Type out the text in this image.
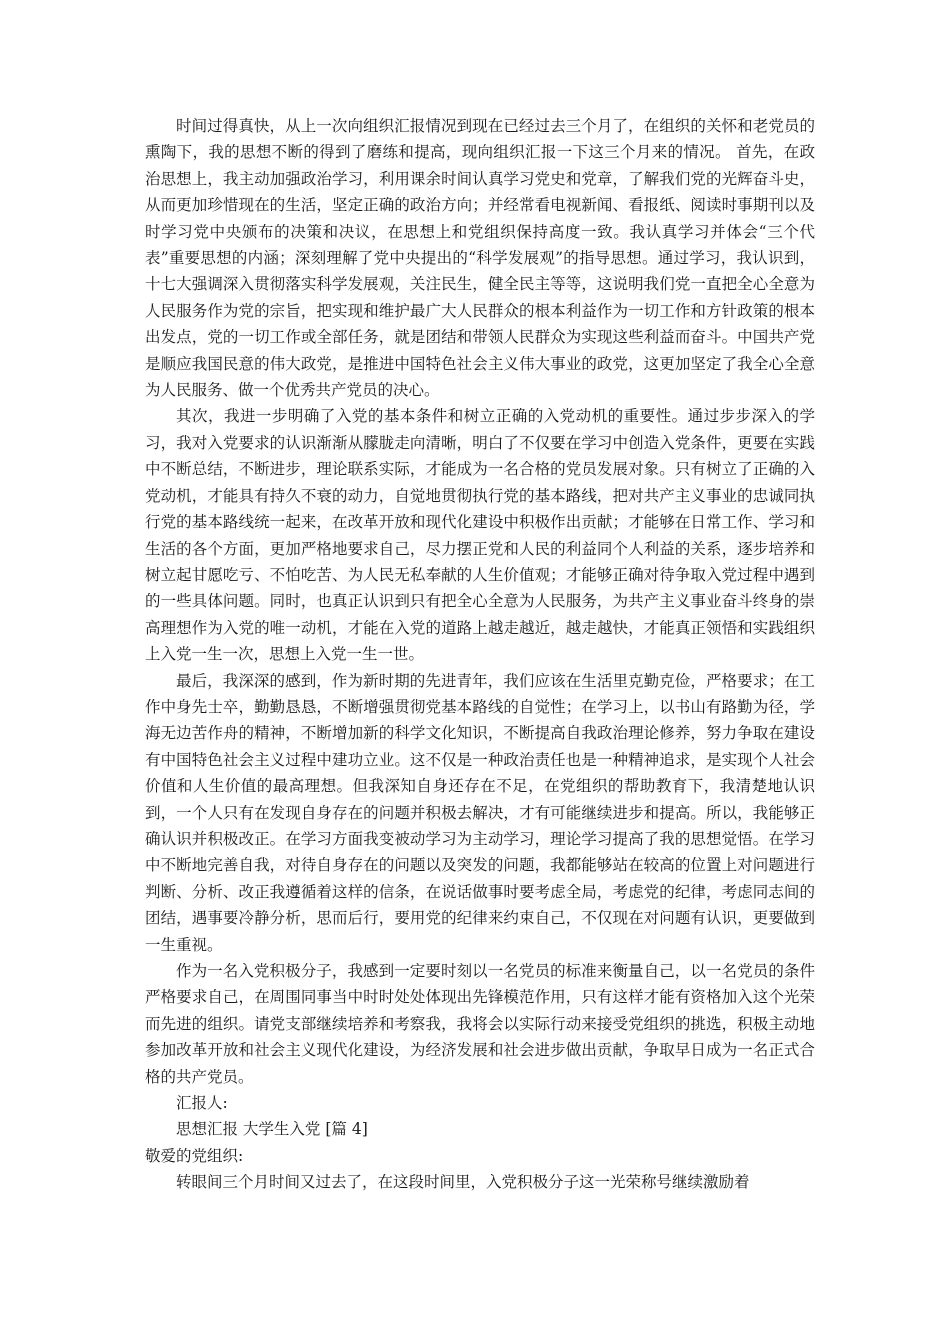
时间过得真快，从上一次向组织汇报情况到现在已经过去三个月了，在组织的关怀和老党员的熏陶下，我的思想不断的得到了磨练和提高，现向组织汇报一下这三个月来的情况。 首先，在政治思想上，我主动加强政治学习，利用课余时间认真学习党史和党章，了解我们党的光辉奋斗史，从而更加珍惜现在的生活，坚定正确的政治方向；并经常看电视新闻、看报纸、阅读时事期刊以及时学习党中央颁布的决策和决议，在思想上和党组织保持高度一致。我认真学习并体会“三个代表”重要思想的内涵；深刻理解了党中央提出的“科学发展观”的指导思想。通过学习，我认识到，十七大强调深入贯彻落实科学发展观，关注民生，健全民主等等，这说明我们党一直把全心全意为人民服务作为党的宗旨，把实现和维护最广大人民群众的根本利益作为一切工作和方针政策的根本出发点，党的一切工作或全部任务，就是团结和带领人民群众为实现这些利益而奋斗。中国共产党是顺应我国民意的伟大政党，是推进中国特色社会主义伟大事业的政党，这更加坚定了我全心全意为人民服务、做一个优秀共产党员的决心。

其次，我进一步明确了入党的基本条件和树立正确的入党动机的重要性。通过步步深入的学习，我对入党要求的认识渐渐从朦胧走向清晰，明白了不仅要在学习中创造入党条件，更要在实践中不断总结，不断进步，理论联系实际，才能成为一名合格的党员发展对象。只有树立了正确的入党动机，才能具有持久不衰的动力，自觉地贯彻执行党的基本路线，把对共产主义事业的忠诚同执行党的基本路线统一起来，在改革开放和现代化建设中积极作出贡献；才能够在日常工作、学习和生活的各个方面，更加严格地要求自己，尽力摆正党和人民的利益同个人利益的关系，逐步培养和树立起甘愿吃亏、不怕吃苦、为人民无私奉献的人生价值观；才能够正确对待争取入党过程中遇到的一些具体问题。同时，也真正认识到只有把全心全意为人民服务，为共产主义事业奋斗终身的崇高理想作为入党的唯一动机，才能在入党的道路上越走越近，越走越快，才能真正领悟和实践组织上入党一生一次，思想上入党一生一世。

最后，我深深的感到，作为新时期的先进青年，我们应该在生活里克勤克俭，严格要求；在工作中身先士卒，勤勤恳恳，不断增强贯彻党基本路线的自觉性；在学习上，以书山有路勤为径，学海无边苦作舟的精神，不断增加新的科学文化知识，不断提高自我政治理论修养，努力争取在建设有中国特色社会主义过程中建功立业。这不仅是一种政治责任也是一种精神追求，是实现个人社会价值和人生价值的最高理想。但我深知自身还存在不足，在党组织的帮助教育下，我清楚地认识到，一个人只有在发现自身存在的问题并积极去解决，才有可能继续进步和提高。所以，我能够正确认识并积极改正。在学习方面我变被动学习为主动学习，理论学习提高了我的思想觉悟。在学习中不断地完善自我，对待自身存在的问题以及突发的问题，我都能够站在较高的位置上对问题进行判断、分析、改正我遵循着这样的信条，在说话做事时要考虑全局，考虑党的纪律，考虑同志间的团结，遇事要冷静分析，思而后行，要用党的纪律来约束自己，不仅现在对问题有认识，更要做到一生重视。

作为一名入党积极分子，我感到一定要时刻以一名党员的标准来衡量自己，以一名党员的条件严格要求自己，在周围同事当中时时处处体现出先锋模范作用，只有这样才能有资格加入这个光荣而先进的组织。请党支部继续培养和考察我，我将会以实际行动来接受党组织的挑选，积极主动地参加改革开放和社会主义现代化建设，为经济发展和社会进步做出贡献，争取早日成为一名正式合格的共产党员。

汇报人:

思想汇报 大学生入党 [篇 4]

敬爱的党组织:

转眼间三个月时间又过去了，在这段时间里，入党积极分子这一光荣称号继续激励着
